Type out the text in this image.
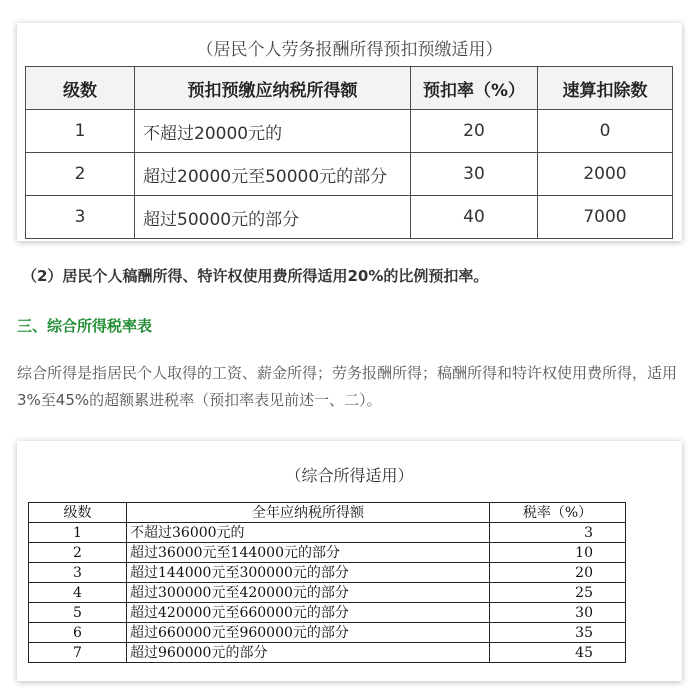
（居民个人劳务报酬所得预扣预缴适用）
级数	预扣预缴应纳税所得额	预扣率（%）	速算扣除数
1	不超过20000元的	20	0
2	超过20000元至50000元的部分	30	2000
3	超过50000元的部分	40	7000
（2）居民个人稿酬所得、特许权使用费所得适用20%的比例预扣率。
三、综合所得税率表
综合所得是指居民个人取得的工资、薪金所得；劳务报酬所得；稿酬所得和特许权使用费所得，适用3%至45%的超额累进税率（预扣率表见前述一、二）。
（综合所得适用）
级数	全年应纳税所得额	税率（%）
1	不超过36000元的	3
2	超过36000元至144000元的部分	10
3	超过144000元至300000元的部分	20
4	超过300000元至420000元的部分	25
5	超过420000元至660000元的部分	30
6	超过660000元至960000元的部分	35
7	超过960000元的部分	45
